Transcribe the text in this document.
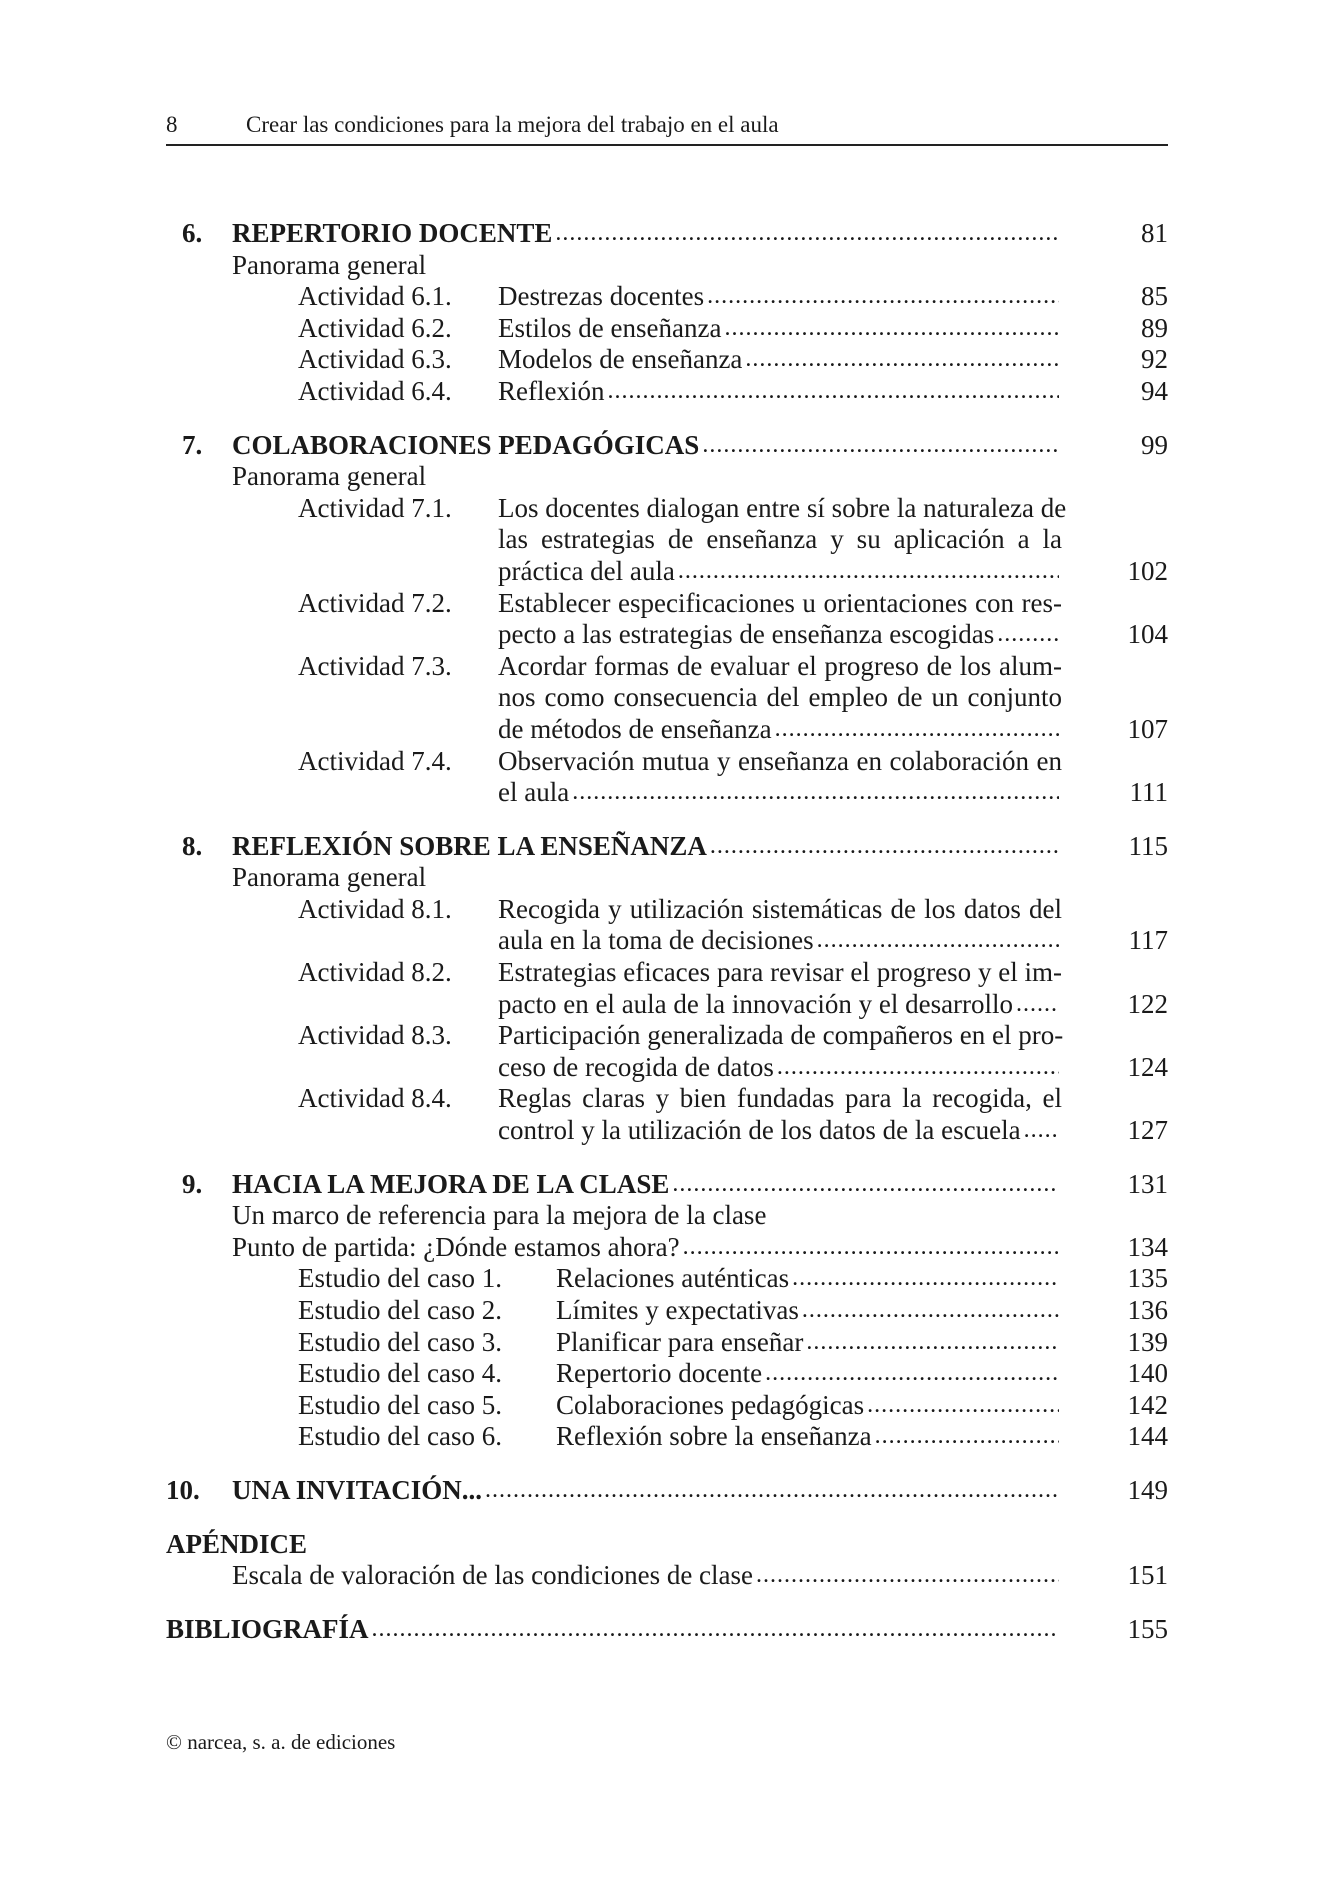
8	Crear las condiciones para la mejora del trabajo en el aula
6.	REPERTORIO DOCENTE .....	81
Panorama general
Actividad 6.1.	Destrezas docentes .....	85
Actividad 6.2.	Estilos de enseñanza .....	89
Actividad 6.3.	Modelos de enseñanza .....	92
Actividad 6.4.	Reflexión .....	94
7.	COLABORACIONES PEDAGÓGICAS .....	99
Panorama general
Actividad 7.1.	Los docentes dialogan entre sí sobre la naturaleza de
las estrategias de enseñanza y su aplicación a la
práctica del aula .....	102
Actividad 7.2.	Establecer especificaciones u orientaciones con res-
pecto a las estrategias de enseñanza escogidas .....	104
Actividad 7.3.	Acordar formas de evaluar el progreso de los alum-
nos como consecuencia del empleo de un conjunto
de métodos de enseñanza .....	107
Actividad 7.4.	Observación mutua y enseñanza en colaboración en
el aula .....	111
8.	REFLEXIÓN SOBRE LA ENSEÑANZA .....	115
Panorama general
Actividad 8.1.	Recogida y utilización sistemáticas de los datos del
aula en la toma de decisiones .....	117
Actividad 8.2.	Estrategias eficaces para revisar el progreso y el im-
pacto en el aula de la innovación y el desarrollo .....	122
Actividad 8.3.	Participación generalizada de compañeros en el pro-
ceso de recogida de datos .....	124
Actividad 8.4.	Reglas claras y bien fundadas para la recogida, el
control y la utilización de los datos de la escuela .....	127
9.	HACIA LA MEJORA DE LA CLASE .....	131
Un marco de referencia para la mejora de la clase
Punto de partida: ¿Dónde estamos ahora? .....	134
Estudio del caso 1.	Relaciones auténticas .....	135
Estudio del caso 2.	Límites y expectativas .....	136
Estudio del caso 3.	Planificar para enseñar .....	139
Estudio del caso 4.	Repertorio docente .....	140
Estudio del caso 5.	Colaboraciones pedagógicas .....	142
Estudio del caso 6.	Reflexión sobre la enseñanza .....	144
10.	UNA INVITACIÓN... .....	149
APÉNDICE
Escala de valoración de las condiciones de clase .....	151
BIBLIOGRAFÍA .....	155
© narcea, s. a. de ediciones
